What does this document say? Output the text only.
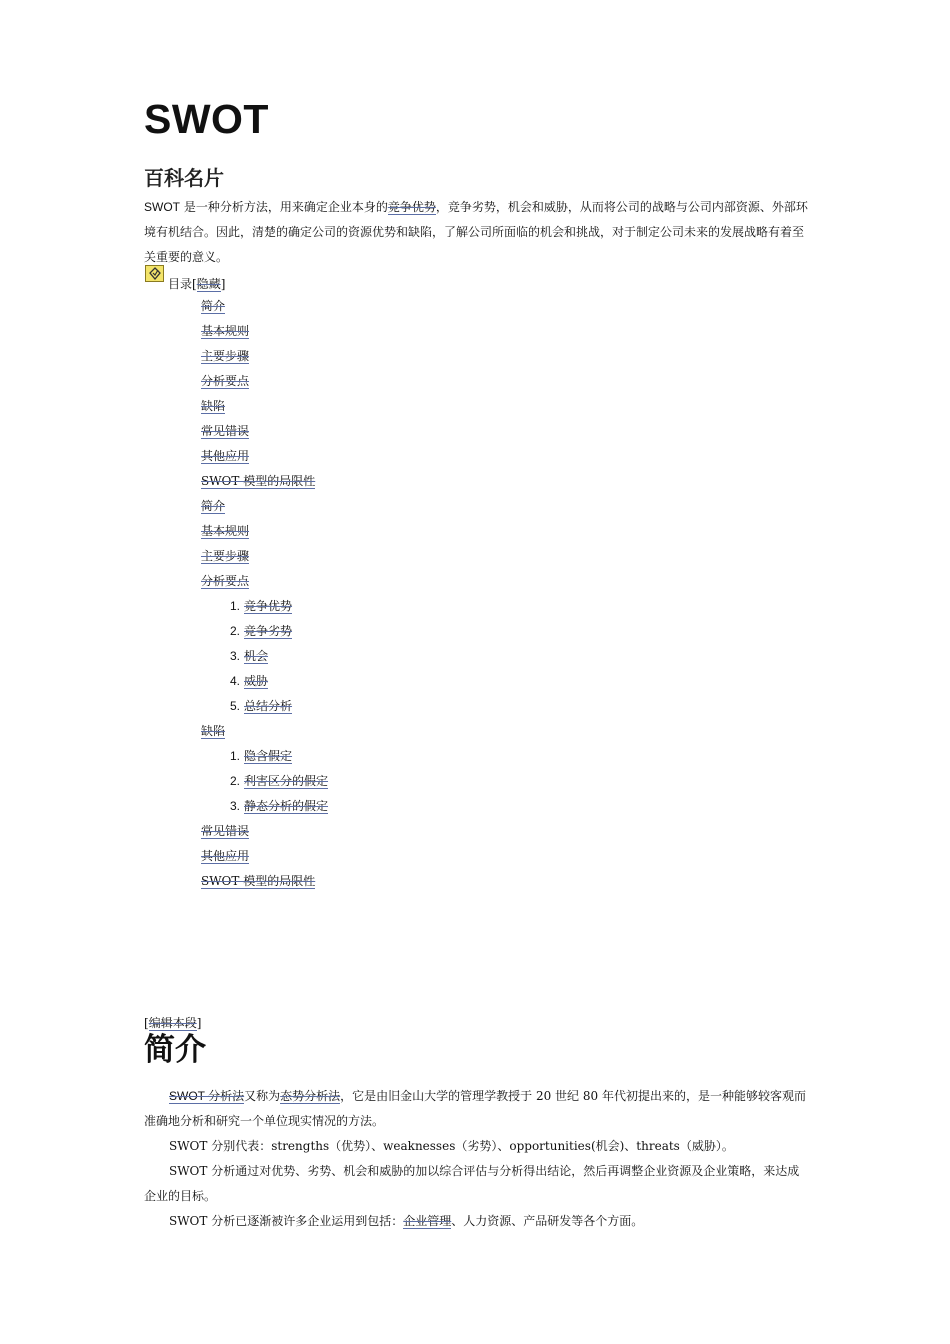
SWOT
百科名片

SWOT 是一种分析方法，用来确定企业本身的竞争优势，竞争劣势，机会和威胁，从而将公司的战略与公司内部资源、外部环境有机结合。因此，清楚的确定公司的资源优势和缺陷，了解公司所面临的机会和挑战，对于制定公司未来的发展战略有着至关重要的意义。

目录[隐藏]
简介
基本规则
主要步骤
分析要点
缺陷
常见错误
其他应用
SWOT 模型的局限性
简介
基本规则
主要步骤
分析要点
1. 竞争优势
2. 竞争劣势
3. 机会
4. 威胁
5. 总结分析
缺陷
1. 隐含假定
2. 利害区分的假定
3. 静态分析的假定
常见错误
其他应用
SWOT 模型的局限性
[编辑本段]
简介

SWOT 分析法又称为态势分析法，它是由旧金山大学的管理学教授于 20 世纪 80 年代初提出来的，是一种能够较客观而准确地分析和研究一个单位现实情况的方法。

SWOT 分别代表：strengths（优势）、weaknesses（劣势）、opportunities(机会)、threats（威胁）。

SWOT 分析通过对优势、劣势、机会和威胁的加以综合评估与分析得出结论，然后再调整企业资源及企业策略，来达成企业的目标。

SWOT 分析已逐渐被许多企业运用到包括：企业管理、人力资源、产品研发等各个方面。
